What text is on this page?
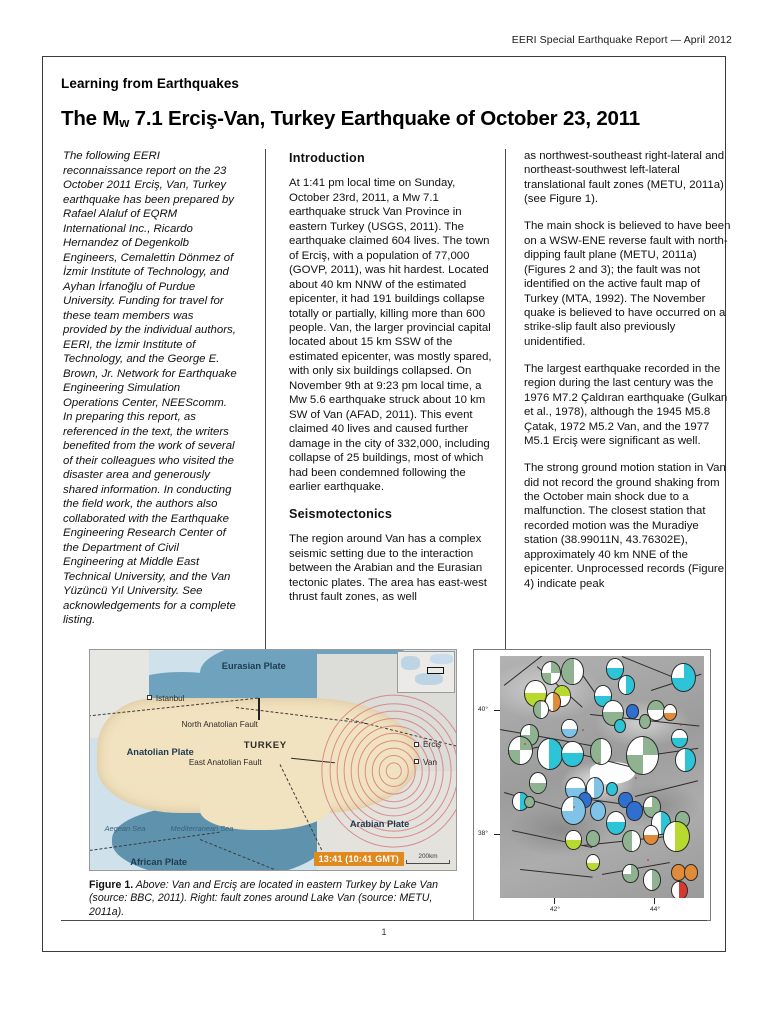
EERI Special Earthquake Report — April 2012
Learning from Earthquakes
The Mw 7.1 Erciş-Van, Turkey Earthquake of October 23, 2011
The following EERI reconnaissance report on the 23 October 2011 Erciş, Van, Turkey earthquake has been prepared by Rafael Alaluf of EQRM International Inc., Ricardo Hernandez of Degenkolb Engineers, Cemalettin Dönmez of İzmir Institute of Technology, and Ayhan İrfanoğlu of Purdue University. Funding for travel for these team members was provided by the individual authors, EERI, the İzmir Institute of Technology, and the George E. Brown, Jr. Network for Earthquake Engineering Simulation Operations Center, NEEScomm. In preparing this report, as referenced in the text, the writers benefited from the work of several of their colleagues who visited the disaster area and generously shared information. In conducting the field work, the authors also collaborated with the Earthquake Engineering Research Center of the Department of Civil Engineering at Middle East Technical University, and the Van Yüzüncü Yıl University. See acknowledgements for a complete listing.
Introduction
At 1:41 pm local time on Sunday, October 23rd, 2011, a Mw 7.1 earthquake struck Van Province in eastern Turkey (USGS, 2011). The earthquake claimed 604 lives. The town of Erciş, with a population of 77,000 (GOVP, 2011), was hit hardest. Located about 40 km NNW of the estimated epicenter, it had 191 buildings collapse totally or partially, killing more than 600 people. Van, the larger provincial capital located about 15 km SSW of the estimated epicenter, was mostly spared, with only six buildings collapsed. On November 9th at 9:23 pm local time, a Mw 5.6 earthquake struck about 10 km SW of Van (AFAD, 2011). This event claimed 40 lives and caused further damage in the city of 332,000, including collapse of 25 buildings, most of which had been condemned following the earlier earthquake.
Seismotectonics
The region around Van has a complex seismic setting due to the interaction between the Arabian and the Eurasian tectonic plates. The area has east-west thrust fault zones, as well
as northwest-southeast right-lateral and northeast-southwest left-lateral translational fault zones (METU, 2011a) (see Figure 1).
The main shock is believed to have been on a WSW-ENE reverse fault with north-dipping fault plane (METU, 2011a) (Figures 2 and 3); the fault was not identified on the active fault map of Turkey (MTA, 1992). The November quake is believed to have occurred on a strike-slip fault also previously unidentified.
The largest earthquake recorded in the region during the last century was the 1976 M7.2 Çaldıran earthquake (Gulkan et al., 1978), although the 1945 M5.8 Çatak, 1972 M5.2 Van, and the 1977 M5.1 Erciş were significant as well.
The strong ground motion station in Van did not record the ground shaking from the October main shock due to a malfunction. The closest station that recorded motion was the Muradiye station (38.99011N, 43.76302E), approximately 40 km NNE of the epicenter. Unprocessed records (Figure 4) indicate peak
Eurasian Plate
Anatolian Plate
Arabian Plate
African Plate
TURKEY
North Anatolian Fault
East Anatolian Fault
Istanbul
Erciş
Van
Aegean Sea	Mediterranean Sea
13:41 (10:41 GMT)	200km
40°
38°
42°	44°
Figure 1. Above: Van and Erciş are located in eastern Turkey by Lake Van (source: BBC, 2011). Right: fault zones around Lake Van (source: METU, 2011a).
1
